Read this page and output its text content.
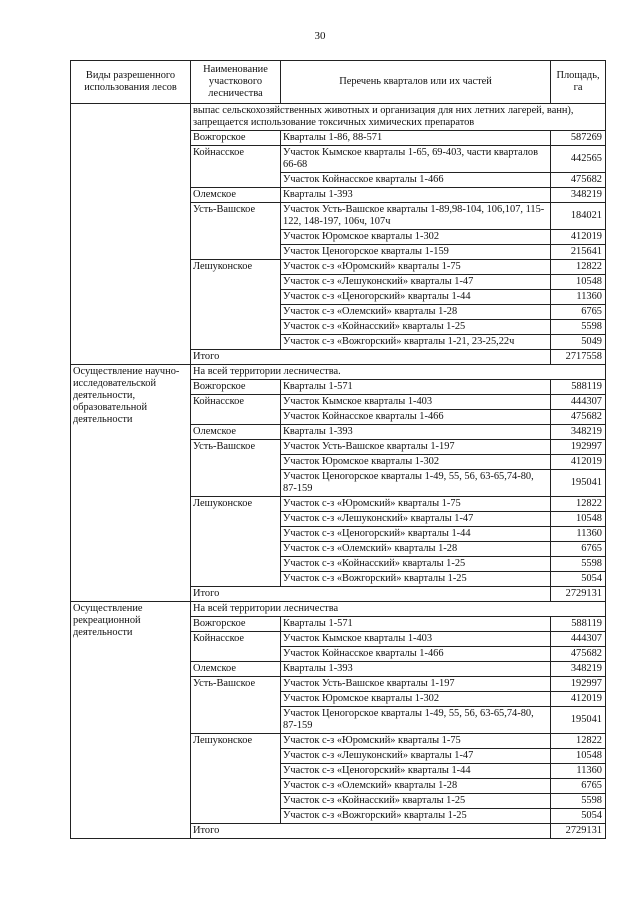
30
Виды разрешенного использования лесов	Наименование участкового лесничества	Перечень кварталов или их частей	Площадь, га
	выпас сельскохозяйственных животных и организация для них летних лагерей, ванн), запрещается использование токсичных химических препаратов		
	Вожгорское	Кварталы 1-86, 88-571	587269
	Койнасское	Участок Кымское кварталы 1-65, 69-403, части кварталов 66-68	442565
		Участок Койнасское кварталы 1-466	475682
	Олемское	Кварталы 1-393	348219
	Усть-Вашское	Участок Усть-Вашское кварталы 1-89,98-104, 106,107, 115- 122, 148-197, 106ч, 107ч	184021
		Участок Юромское кварталы 1-302	412019
		Участок Ценогорское кварталы 1-159	215641
	Лешуконское	Участок с-з «Юромский» кварталы 1-75	12822
		Участок с-з «Лешуконский» кварталы 1-47	10548
		Участок с-з «Ценогорский» кварталы 1-44	11360
		Участок с-з «Олемский» кварталы 1-28	6765
		Участок с-з «Койнасский» кварталы 1-25	5598
		Участок с-з «Вожгорский» кварталы 1-21, 23-25,22ч	5049
	Итого		2717558
Осуществление научно-исследовательской деятельности, образовательной деятельности	На всей территории лесничества.		
	Вожгорское	Кварталы 1-571	588119
	Койнасское	Участок Кымское кварталы 1-403	444307
		Участок Койнасское кварталы 1-466	475682
	Олемское	Кварталы 1-393	348219
	Усть-Вашское	Участок Усть-Вашское кварталы 1-197	192997
		Участок Юромское кварталы 1-302	412019
		Участок Ценогорское кварталы 1-49, 55, 56, 63-65,74-80, 87-159	195041
	Лешуконское	Участок с-з «Юромский» кварталы 1-75	12822
		Участок с-з «Лешуконский» кварталы 1-47	10548
		Участок с-з «Ценогорский» кварталы 1-44	11360
		Участок с-з «Олемский» кварталы 1-28	6765
		Участок с-з «Койнасский» кварталы 1-25	5598
		Участок с-з «Вожгорский» кварталы 1-25	5054
	Итого		2729131
Осуществление рекреационной деятельности	На всей территории лесничества		
	Вожгорское	Кварталы 1-571	588119
	Койнасское	Участок Кымское кварталы 1-403	444307
		Участок Койнасское кварталы 1-466	475682
	Олемское	Кварталы 1-393	348219
	Усть-Вашское	Участок Усть-Вашское кварталы 1-197	192997
		Участок Юромское кварталы 1-302	412019
		Участок Ценогорское кварталы 1-49, 55, 56, 63-65,74-80, 87-159	195041
	Лешуконское	Участок с-з «Юромский» кварталы 1-75	12822
		Участок с-з «Лешуконский» кварталы 1-47	10548
		Участок с-з «Ценогорский» кварталы 1-44	11360
		Участок с-з «Олемский» кварталы 1-28	6765
		Участок с-з «Койнасский» кварталы 1-25	5598
		Участок с-з «Вожгорский» кварталы 1-25	5054
	Итого		2729131
